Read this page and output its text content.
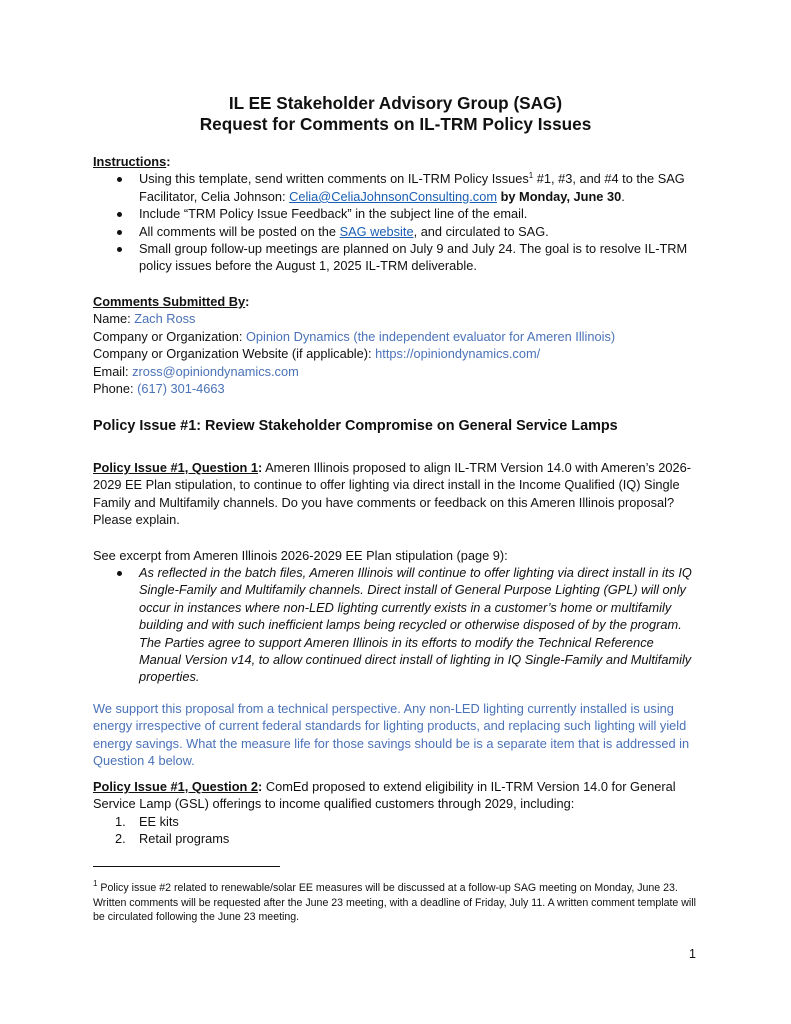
IL EE Stakeholder Advisory Group (SAG)
Request for Comments on IL-TRM Policy Issues
Instructions:
Using this template, send written comments on IL-TRM Policy Issues$^1$ #1, #3, and #4 to the SAG Facilitator, Celia Johnson: Celia@CeliaJohnsonConsulting.com by Monday, June 30.
Include “TRM Policy Issue Feedback” in the subject line of the email.
All comments will be posted on the SAG website, and circulated to SAG.
Small group follow-up meetings are planned on July 9 and July 24. The goal is to resolve IL-TRM policy issues before the August 1, 2025 IL-TRM deliverable.
Comments Submitted By:
Name: Zach Ross
Company or Organization: Opinion Dynamics (the independent evaluator for Ameren Illinois)
Company or Organization Website (if applicable): https://opiniondynamics.com/
Email: zross@opiniondynamics.com
Phone: (617) 301-4663
Policy Issue #1: Review Stakeholder Compromise on General Service Lamps
Policy Issue #1, Question 1: Ameren Illinois proposed to align IL-TRM Version 14.0 with Ameren’s 2026-2029 EE Plan stipulation, to continue to offer lighting via direct install in the Income Qualified (IQ) Single Family and Multifamily channels. Do you have comments or feedback on this Ameren Illinois proposal? Please explain.
See excerpt from Ameren Illinois 2026-2029 EE Plan stipulation (page 9):
As reflected in the batch files, Ameren Illinois will continue to offer lighting via direct install in its IQ Single-Family and Multifamily channels. Direct install of General Purpose Lighting (GPL) will only occur in instances where non-LED lighting currently exists in a customer’s home or multifamily building and with such inefficient lamps being recycled or otherwise disposed of by the program. The Parties agree to support Ameren Illinois in its efforts to modify the Technical Reference Manual Version v14, to allow continued direct install of lighting in IQ Single-Family and Multifamily properties.
We support this proposal from a technical perspective. Any non-LED lighting currently installed is using energy irrespective of current federal standards for lighting products, and replacing such lighting will yield energy savings. What the measure life for those savings should be is a separate item that is addressed in Question 4 below.
Policy Issue #1, Question 2: ComEd proposed to extend eligibility in IL-TRM Version 14.0 for General Service Lamp (GSL) offerings to income qualified customers through 2029, including:
1. EE kits
2. Retail programs
$^1$ Policy issue #2 related to renewable/solar EE measures will be discussed at a follow-up SAG meeting on Monday, June 23. Written comments will be requested after the June 23 meeting, with a deadline of Friday, July 11. A written comment template will be circulated following the June 23 meeting.
1
